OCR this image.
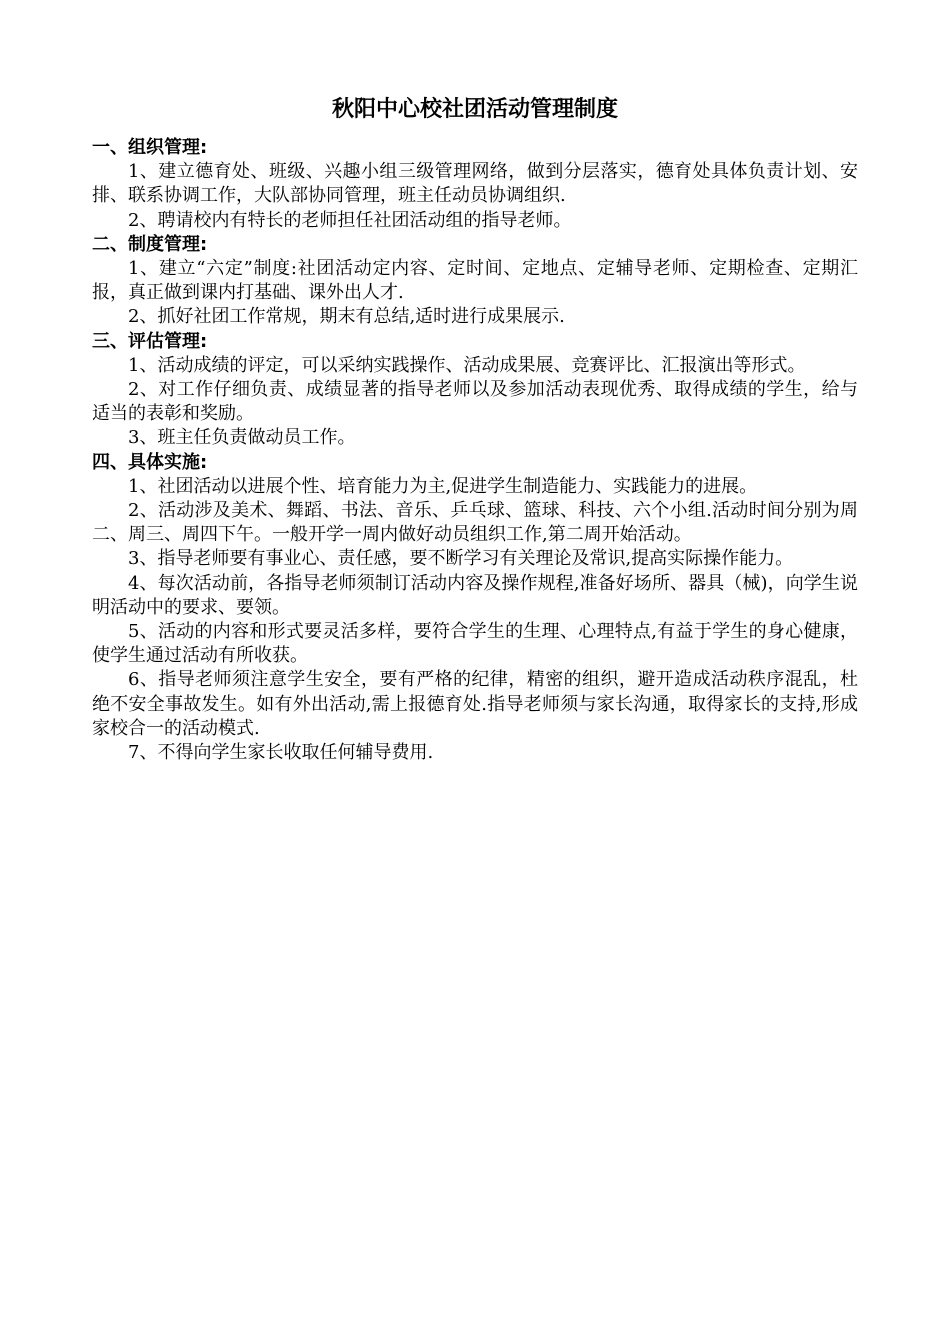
秋阳中心校社团活动管理制度

一、组织管理:

1、建立德育处、班级、兴趣小组三级管理网络，做到分层落实，德育处具体负责计划、安排、联系协调工作，大队部协同管理，班主任动员协调组织.

2、聘请校内有特长的老师担任社团活动组的指导老师。

二、制度管理:

1、建立“六定”制度:社团活动定内容、定时间、定地点、定辅导老师、定期检查、定期汇报，真正做到课内打基础、课外出人才.

2、抓好社团工作常规，期末有总结,适时进行成果展示.

三、评估管理:

1、活动成绩的评定，可以采纳实践操作、活动成果展、竞赛评比、汇报演出等形式。

2、对工作仔细负责、成绩显著的指导老师以及参加活动表现优秀、取得成绩的学生，给与适当的表彰和奖励。

3、班主任负责做动员工作。

四、具体实施:

1、社团活动以进展个性、培育能力为主,促进学生制造能力、实践能力的进展。

2、活动涉及美术、舞蹈、书法、音乐、乒乓球、篮球、科技、六个小组.活动时间分别为周二、周三、周四下午。一般开学一周内做好动员组织工作,第二周开始活动。

3、指导老师要有事业心、责任感，要不断学习有关理论及常识,提高实际操作能力。

4、每次活动前，各指导老师须制订活动内容及操作规程,准备好场所、器具（械)，向学生说明活动中的要求、要领。

5、活动的内容和形式要灵活多样，要符合学生的生理、心理特点,有益于学生的身心健康，使学生通过活动有所收获。

6、指导老师须注意学生安全，要有严格的纪律，精密的组织，避开造成活动秩序混乱，杜绝不安全事故发生。如有外出活动,需上报德育处.指导老师须与家长沟通，取得家长的支持,形成家校合一的活动模式.

7、不得向学生家长收取任何辅导费用.
